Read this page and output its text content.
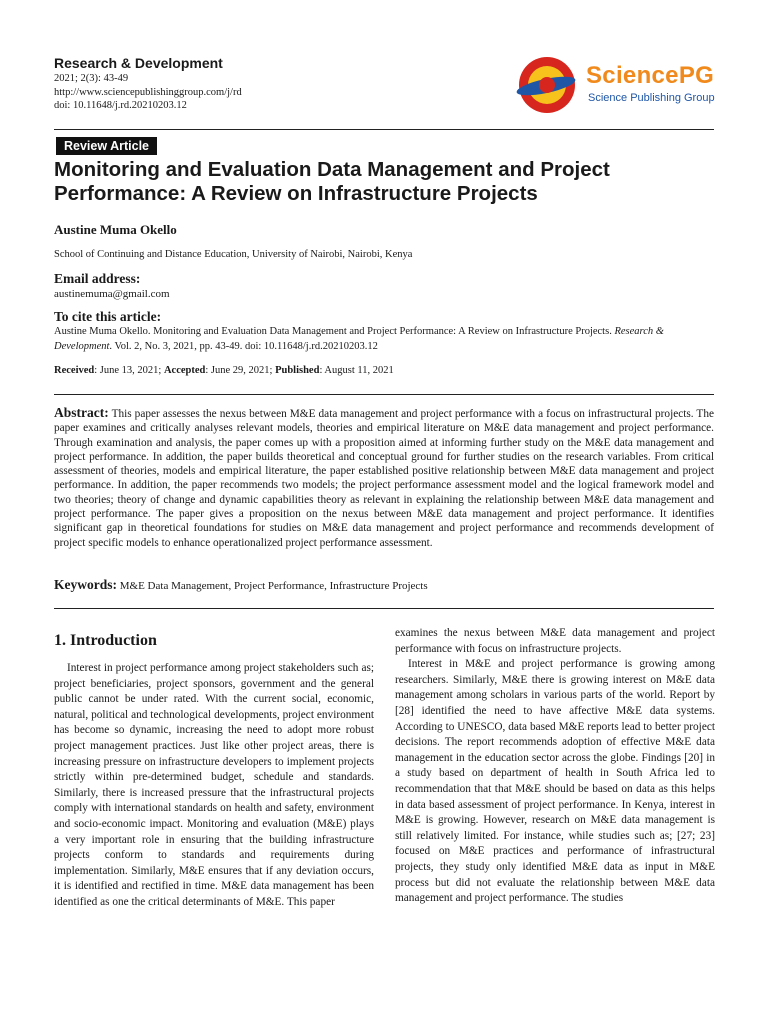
Research & Development
2021; 2(3): 43-49
http://www.sciencepublishinggroup.com/j/rd
doi: 10.11648/j.rd.20210203.12
SciencePG
Science Publishing Group
Review Article
Monitoring and Evaluation Data Management and Project Performance: A Review on Infrastructure Projects
Austine Muma Okello
School of Continuing and Distance Education, University of Nairobi, Nairobi, Kenya
Email address:
austinemuma@gmail.com
To cite this article:
Austine Muma Okello. Monitoring and Evaluation Data Management and Project Performance: A Review on Infrastructure Projects. Research & Development. Vol. 2, No. 3, 2021, pp. 43-49. doi: 10.11648/j.rd.20210203.12
Received: June 13, 2021; Accepted: June 29, 2021; Published: August 11, 2021
Abstract: This paper assesses the nexus between M&E data management and project performance with a focus on infrastructural projects. The paper examines and critically analyses relevant models, theories and empirical literature on M&E data management and project performance. Through examination and analysis, the paper comes up with a proposition aimed at informing further study on the M&E data management and project performance. In addition, the paper builds theoretical and conceptual ground for further studies on the research variables. From critical assessment of theories, models and empirical literature, the paper established positive relationship between M&E data management and project performance. In addition, the paper recommends two models; the project performance assessment model and the logical framework model and two theories; theory of change and dynamic capabilities theory as relevant in explaining the relationship between M&E data management and project performance. The paper gives a proposition on the nexus between M&E data management and project performance. It identifies significant gap in theoretical foundations for studies on M&E data management and project performance and recommends development of project specific models to enhance operationalized project performance assessment.
Keywords: M&E Data Management, Project Performance, Infrastructure Projects
1. Introduction

Interest in project performance among project stakeholders such as; project beneficiaries, project sponsors, government and the general public cannot be under rated. With the current social, economic, natural, political and technological developments, project environment has become so dynamic, increasing the need to adopt more robust project management practices. Just like other project areas, there is increasing pressure on infrastructure developers to implement projects strictly within pre-determined budget, schedule and standards. Similarly, there is increased pressure that the infrastructural projects comply with international standards on health and safety, environment and socio-economic impact. Monitoring and evaluation (M&E) plays a very important role in ensuring that the building infrastructure projects conform to standards and requirements during implementation. Similarly, M&E ensures that if any deviation occurs, it is identified and rectified in time. M&E data management has been identified as one the critical determinants of M&E. This paper

examines the nexus between M&E data management and project performance with focus on infrastructure projects.

Interest in M&E and project performance is growing among researchers. Similarly, M&E there is growing interest on M&E data management among scholars in various parts of the world. Report by [28] identified the need to have affective M&E data systems. According to UNESCO, data based M&E reports lead to better project decisions. The report recommends adoption of effective M&E data management in the education sector across the globe. Findings [20] in a study based on department of health in South Africa led to recommendation that that M&E should be based on data as this helps in data based assessment of project performance. In Kenya, interest in M&E is growing. However, research on M&E data management is still relatively limited. For instance, while studies such as; [27; 23] focused on M&E practices and performance of infrastructural projects, they study only identified M&E data as input in M&E process but did not evaluate the relationship between M&E data management and project performance. The studies
